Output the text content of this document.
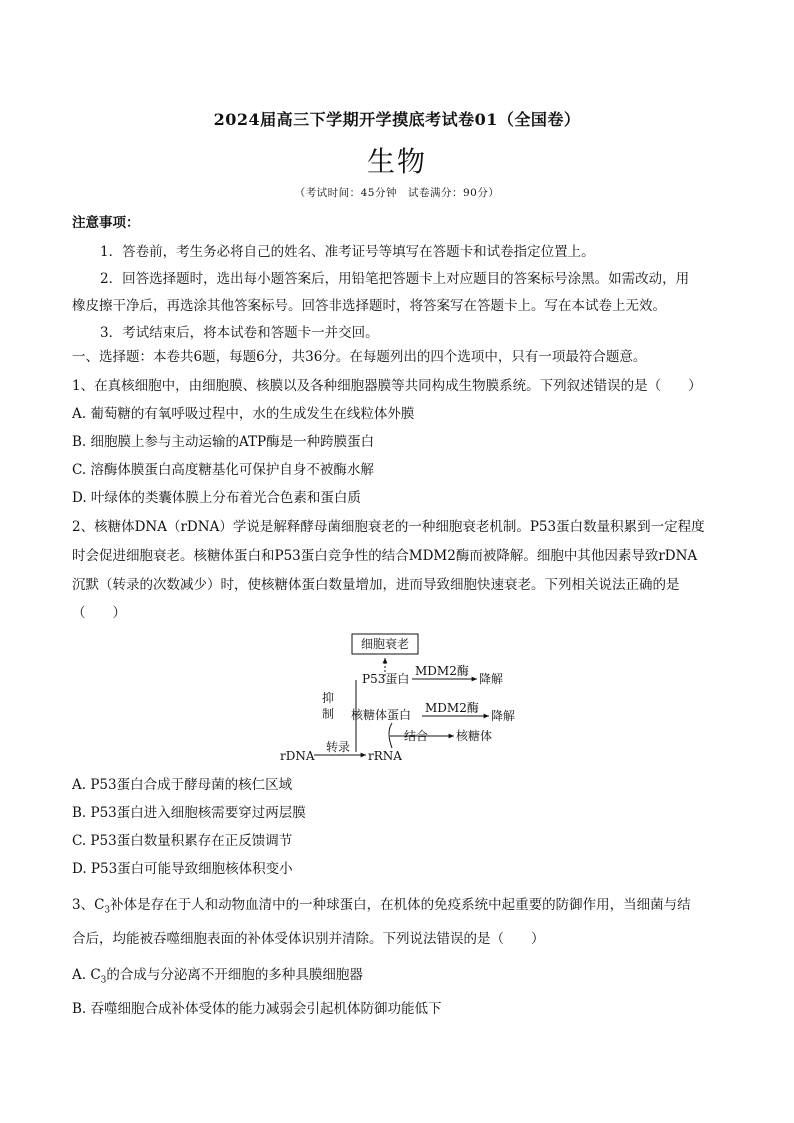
2024届高三下学期开学摸底考试卷01（全国卷）
生物
（考试时间：45分钟　试卷满分：90分）
注意事项：
1．答卷前，考生务必将自己的姓名、准考证号等填写在答题卡和试卷指定位置上。
2．回答选择题时，选出每小题答案后，用铅笔把答题卡上对应题目的答案标号涂黑。如需改动，用
橡皮擦干净后，再选涂其他答案标号。回答非选择题时，将答案写在答题卡上。写在本试卷上无效。
3．考试结束后，将本试卷和答题卡一并交回。
一、选择题：本卷共6题，每题6分，共36分。在每题列出的四个选项中，只有一项最符合题意。
1、在真核细胞中，由细胞膜、核膜以及各种细胞器膜等共同构成生物膜系统。下列叙述错误的是（　　）
A. 葡萄糖的有氧呼吸过程中，水的生成发生在线粒体外膜
B. 细胞膜上参与主动运输的ATP酶是一种跨膜蛋白
C. 溶酶体膜蛋白高度糖基化可保护自身不被酶水解
D. 叶绿体的类囊体膜上分布着光合色素和蛋白质
2、核糖体DNA（rDNA）学说是解释酵母菌细胞衰老的一种细胞衰老机制。P53蛋白数量积累到一定程度
时会促进细胞衰老。核糖体蛋白和P53蛋白竞争性的结合MDM2酶而被降解。细胞中其他因素导致rDNA
沉默（转录的次数减少）时，使核糖体蛋白数量增加，进而导致细胞快速衰老。下列相关说法正确的是
（　　）
细胞衰老
P53蛋白
MDM2酶
降解
抑
制 核糖体蛋白 MDM2酶
降解
结合 核糖体
rDNA
转录
rRNA
A. P53蛋白合成于酵母菌的核仁区域
B. P53蛋白进入细胞核需要穿过两层膜
C. P53蛋白数量积累存在正反馈调节
D. P53蛋白可能导致细胞核体积变小
3、$C_3$补体是存在于人和动物血清中的一种球蛋白，在机体的免疫系统中起重要的防御作用，当细菌与结
合后，均能被吞噬细胞表面的补体受体识别并清除。下列说法错误的是（　　）
A. $C_3$的合成与分泌离不开细胞的多种具膜细胞器
B. 吞噬细胞合成补体受体的能力减弱会引起机体防御功能低下
